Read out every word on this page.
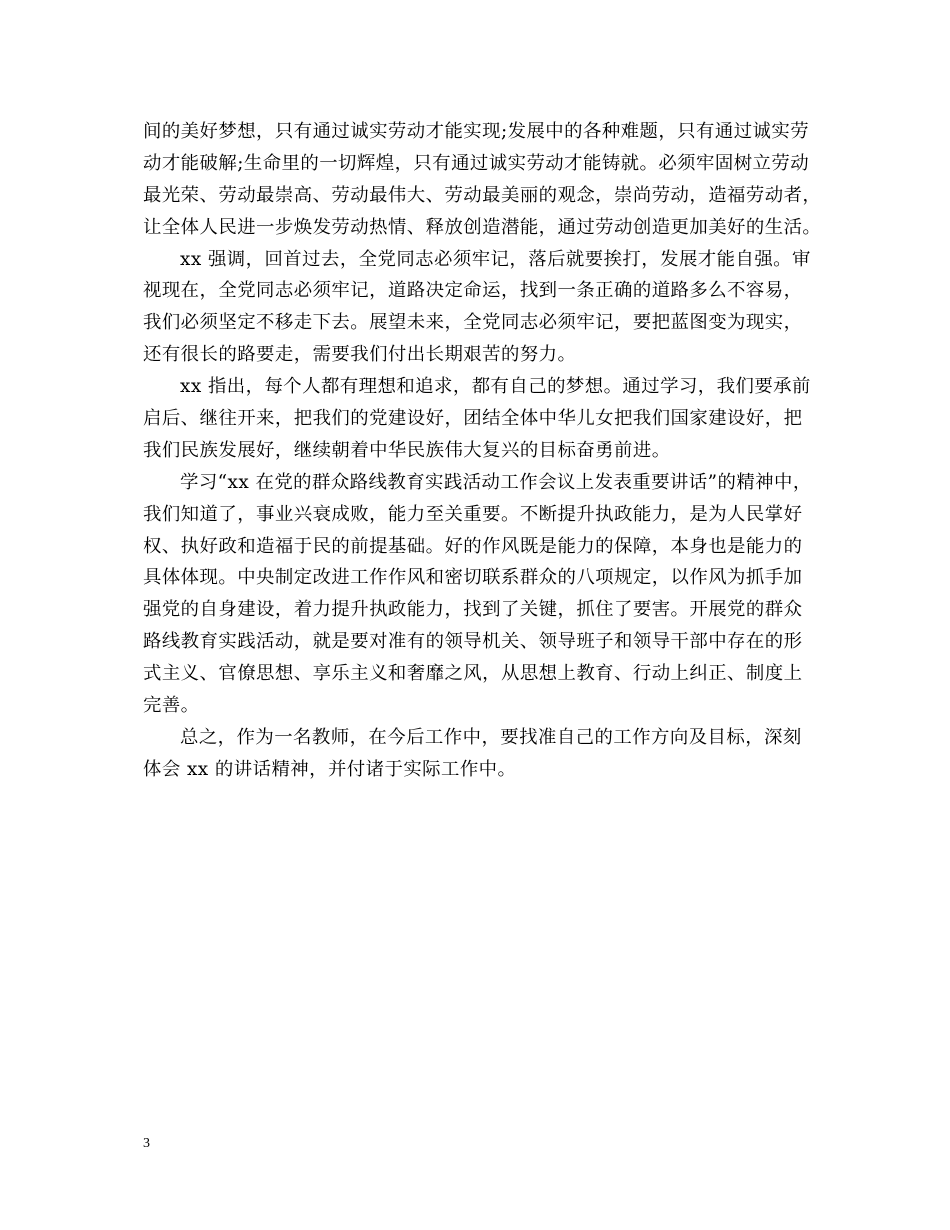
间的美好梦想，只有通过诚实劳动才能实现;发展中的各种难题，只有通过诚实劳
动才能破解;生命里的一切辉煌，只有通过诚实劳动才能铸就。必须牢固树立劳动
最光荣、劳动最崇高、劳动最伟大、劳动最美丽的观念，崇尚劳动，造福劳动者，
让全体人民进一步焕发劳动热情、释放创造潜能，通过劳动创造更加美好的生活。
xx 强调，回首过去，全党同志必须牢记，落后就要挨打，发展才能自强。审
视现在，全党同志必须牢记，道路决定命运，找到一条正确的道路多么不容易，
我们必须坚定不移走下去。展望未来，全党同志必须牢记，要把蓝图变为现实，
还有很长的路要走，需要我们付出长期艰苦的努力。
xx 指出，每个人都有理想和追求，都有自己的梦想。通过学习，我们要承前
启后、继往开来，把我们的党建设好，团结全体中华儿女把我们国家建设好，把
我们民族发展好，继续朝着中华民族伟大复兴的目标奋勇前进。
学习“xx 在党的群众路线教育实践活动工作会议上发表重要讲话”的精神中，
我们知道了，事业兴衰成败，能力至关重要。不断提升执政能力，是为人民掌好
权、执好政和造福于民的前提基础。好的作风既是能力的保障，本身也是能力的
具体体现。中央制定改进工作作风和密切联系群众的八项规定，以作风为抓手加
强党的自身建设，着力提升执政能力，找到了关键，抓住了要害。开展党的群众
路线教育实践活动，就是要对准有的领导机关、领导班子和领导干部中存在的形
式主义、官僚思想、享乐主义和奢靡之风，从思想上教育、行动上纠正、制度上
完善。
总之，作为一名教师，在今后工作中，要找准自己的工作方向及目标，深刻
体会 xx 的讲话精神，并付诸于实际工作中。
3
